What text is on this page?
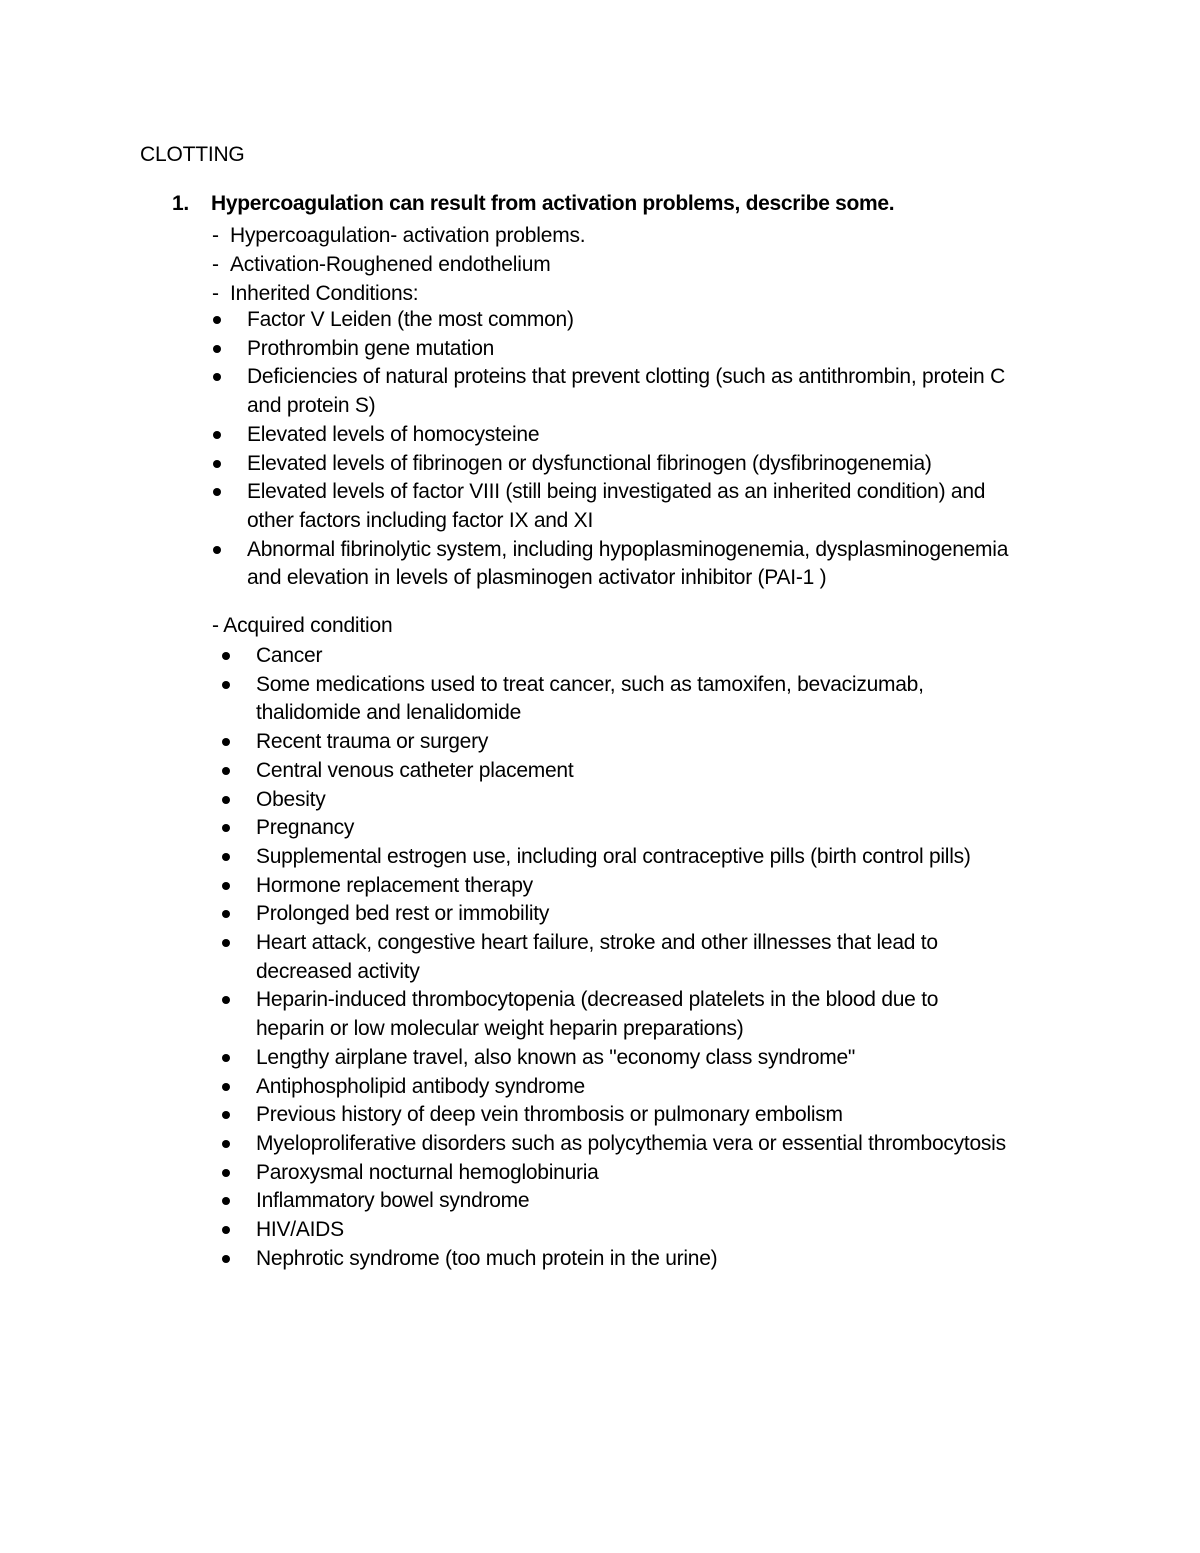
CLOTTING
1. Hypercoagulation can result from activation problems, describe some.
- Hypercoagulation- activation problems.
- Activation-Roughened endothelium
- Inherited Conditions:
Factor V Leiden (the most common)
Prothrombin gene mutation
Deficiencies of natural proteins that prevent clotting (such as antithrombin, protein C
and protein S)
Elevated levels of homocysteine
Elevated levels of fibrinogen or dysfunctional fibrinogen (dysfibrinogenemia)
Elevated levels of factor VIII (still being investigated as an inherited condition) and
other factors including factor IX and XI
Abnormal fibrinolytic system, including hypoplasminogenemia, dysplasminogenemia
and elevation in levels of plasminogen activator inhibitor (PAI-1 )
- Acquired condition
Cancer
Some medications used to treat cancer, such as tamoxifen, bevacizumab,
thalidomide and lenalidomide
Recent trauma or surgery
Central venous catheter placement
Obesity
Pregnancy
Supplemental estrogen use, including oral contraceptive pills (birth control pills)
Hormone replacement therapy
Prolonged bed rest or immobility
Heart attack, congestive heart failure, stroke and other illnesses that lead to
decreased activity
Heparin-induced thrombocytopenia (decreased platelets in the blood due to
heparin or low molecular weight heparin preparations)
Lengthy airplane travel, also known as "economy class syndrome"
Antiphospholipid antibody syndrome
Previous history of deep vein thrombosis or pulmonary embolism
Myeloproliferative disorders such as polycythemia vera or essential thrombocytosis
Paroxysmal nocturnal hemoglobinuria
Inflammatory bowel syndrome
HIV/AIDS
Nephrotic syndrome (too much protein in the urine)
